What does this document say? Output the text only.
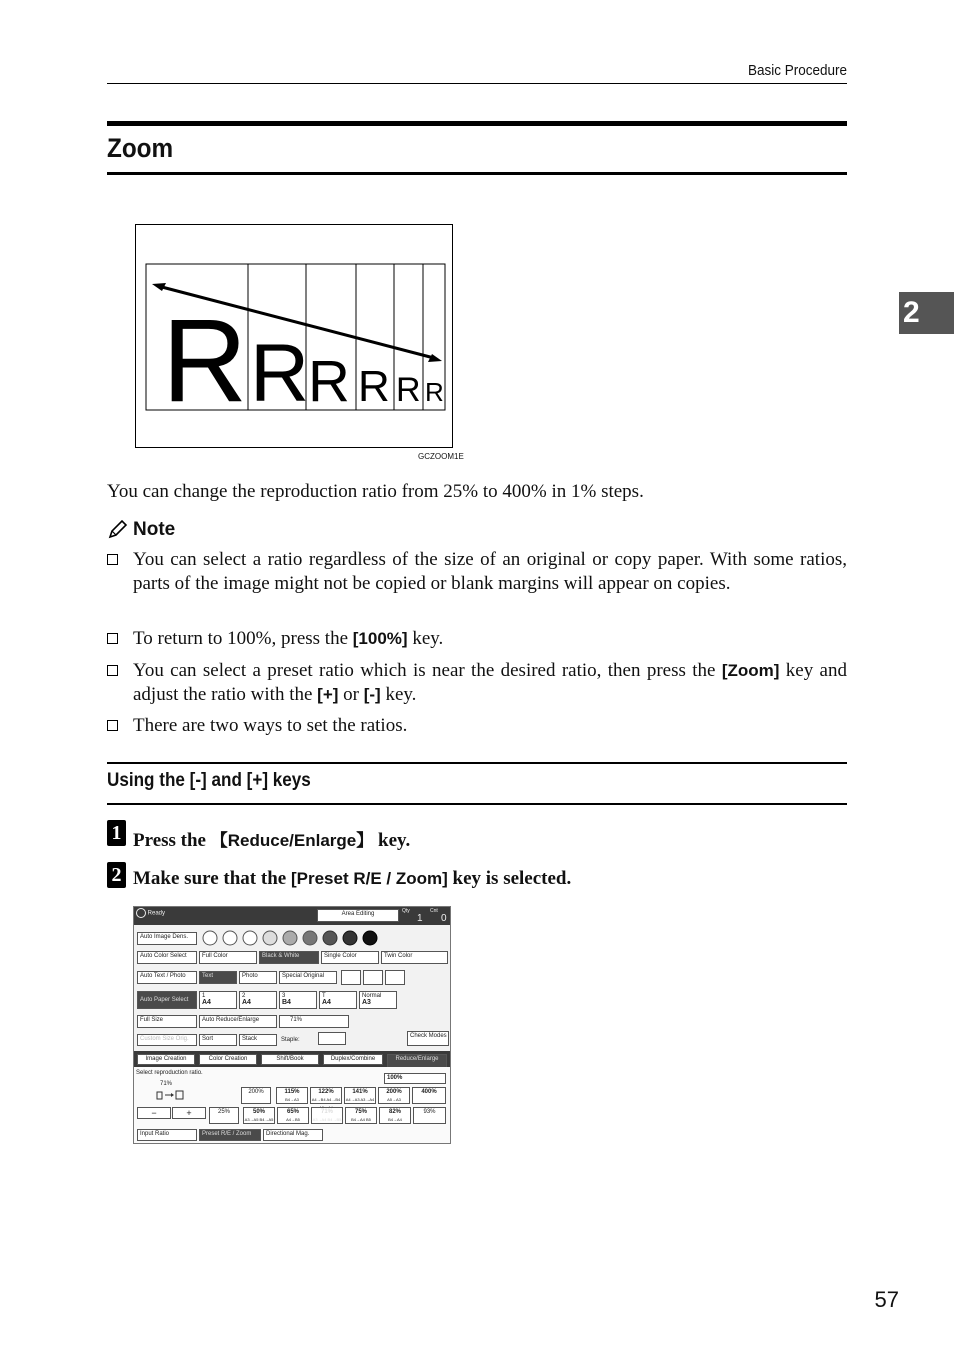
Basic Procedure
Zoom
2
R R
R R R R
GCZOOM1E
You can change the reproduction ratio from 25% to 400% in 1% steps.
Note
You can select a ratio regardless of the size of an original or copy paper. With some ratios, parts of the image might not be copied or blank margins will appear on copies.
To return to 100%, press the [100%] key.
You can select a preset ratio which is near the desired ratio, then press the [Zoom] key and adjust the ratio with the [+] or [-] key.
There are two ways to set the ratios.
Using the [-] and [+] keys
1 Press the 【Reduce/Enlarge】 key.
2 Make sure that the [Preset R/E / Zoom] key is selected.
Ready	Area Editing	Qty
1
Cnt
0
Auto Image Dens.
Auto Color Select	Full Color	Black & White	Single Color	Twin Color
Auto Text / Photo	Text	Photo	Special Original
Auto Paper Select
1
A4
2
A4
3
B4
T
A4
Normal
A3
Full Size	Auto Reduce/Enlarge	71%
Custom Size Orig.	Sort	Stack	Staple:
Check Modes
Image Creation	Color Creation	Shift/Book	Duplex/Combine	Reduce/Enlarge
Select reproduction ratio.
71%
100%
−	+
200%	115%
B4→A3
122%
A4→B4 A4→B4
141%
A4→A3 A3→A4
200%
A5→A3
400%
25%	50%
A3→A5 B4→A5
65%
A4→B5
71%
A3→A4 B4→B5
75%
B4→A4 B5
82%
B4→A4
93%
Input Ratio	Preset R/E / Zoom	Directional Mag.
57
